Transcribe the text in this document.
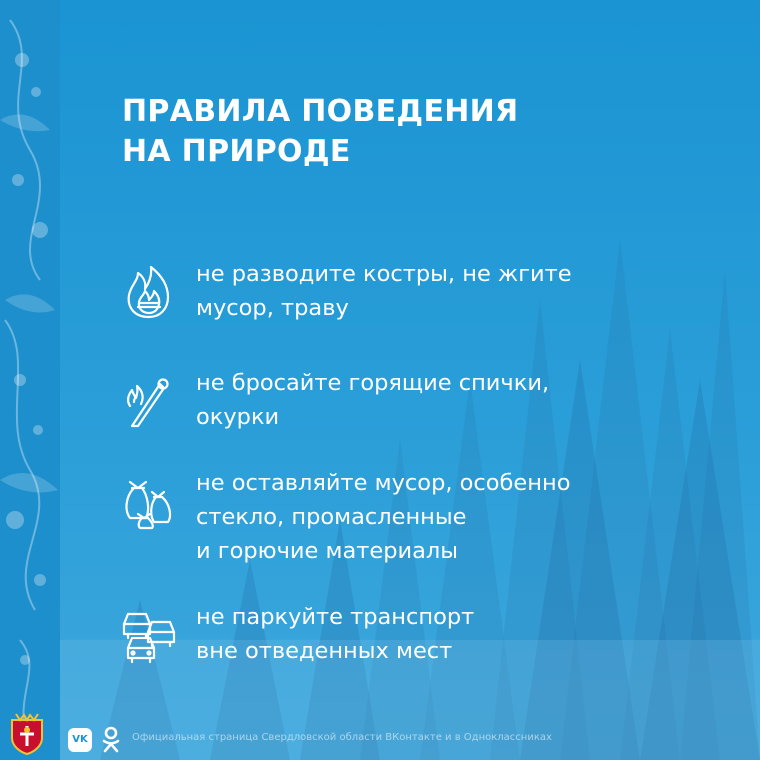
ПРАВИЛА ПОВЕДЕНИЯ
НА ПРИРОДЕ
не разводите костры, не жгите
мусор, траву
не бросайте горящие спички,
окурки
не оставляйте мусор, особенно
стекло, промасленные
и горючие материалы
не паркуйте транспорт
вне отведенных мест
VK	Официальная страница Свердловской области ВКонтакте и в Одноклассниках
